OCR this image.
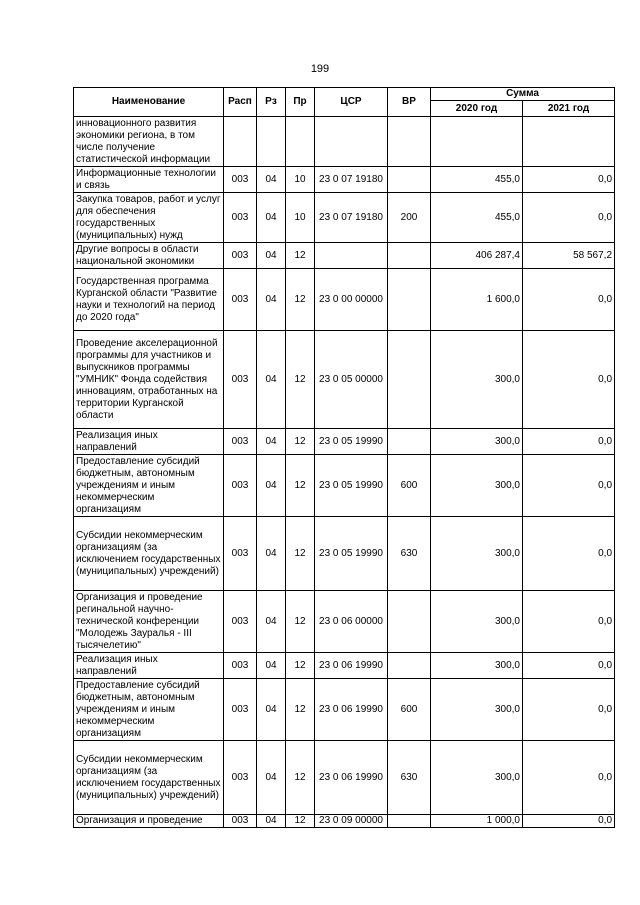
199
Наименование	Расп	Рз	Пр	ЦСР	ВР	Сумма	
						2020 год	2021 год
инновационного развития экономики региона, в том числе получение статистической информации							
Информационные технологии и связь	003	04	10	23 0 07 19180		455,0	0,0
Закупка товаров, работ и услуг для обеспечения государственных (муниципальных) нужд	003	04	10	23 0 07 19180	200	455,0	0,0
Другие вопросы в области национальной экономики	003	04	12			406 287,4	58 567,2
Государственная программа Курганской области "Развитие науки и технологий на период до 2020 года"	003	04	12	23 0 00 00000		1 600,0	0,0
Проведение акселерационной программы для участников и выпускников программы "УМНИК" Фонда содействия инновациям, отработанных на территории Курганской области	003	04	12	23 0 05 00000		300,0	0,0
Реализация иных направлений	003	04	12	23 0 05 19990		300,0	0,0
Предоставление субсидий бюджетным, автономным учреждениям и иным некоммерческим организациям	003	04	12	23 0 05 19990	600	300,0	0,0
Субсидии некоммерческим организациям (за исключением государственных (муниципальных) учреждений)	003	04	12	23 0 05 19990	630	300,0	0,0
Организация и проведение регинальной научно-технической конференции "Молодежь Зауралья - III тысячелетию"	003	04	12	23 0 06 00000		300,0	0,0
Реализация иных направлений	003	04	12	23 0 06 19990		300,0	0,0
Предоставление субсидий бюджетным, автономным учреждениям и иным некоммерческим организациям	003	04	12	23 0 06 19990	600	300,0	0,0
Субсидии некоммерческим организациям (за исключением государственных (муниципальных) учреждений)	003	04	12	23 0 06 19990	630	300,0	0,0
Организация и проведение	003	04	12	23 0 09 00000		1 000,0	0,0
